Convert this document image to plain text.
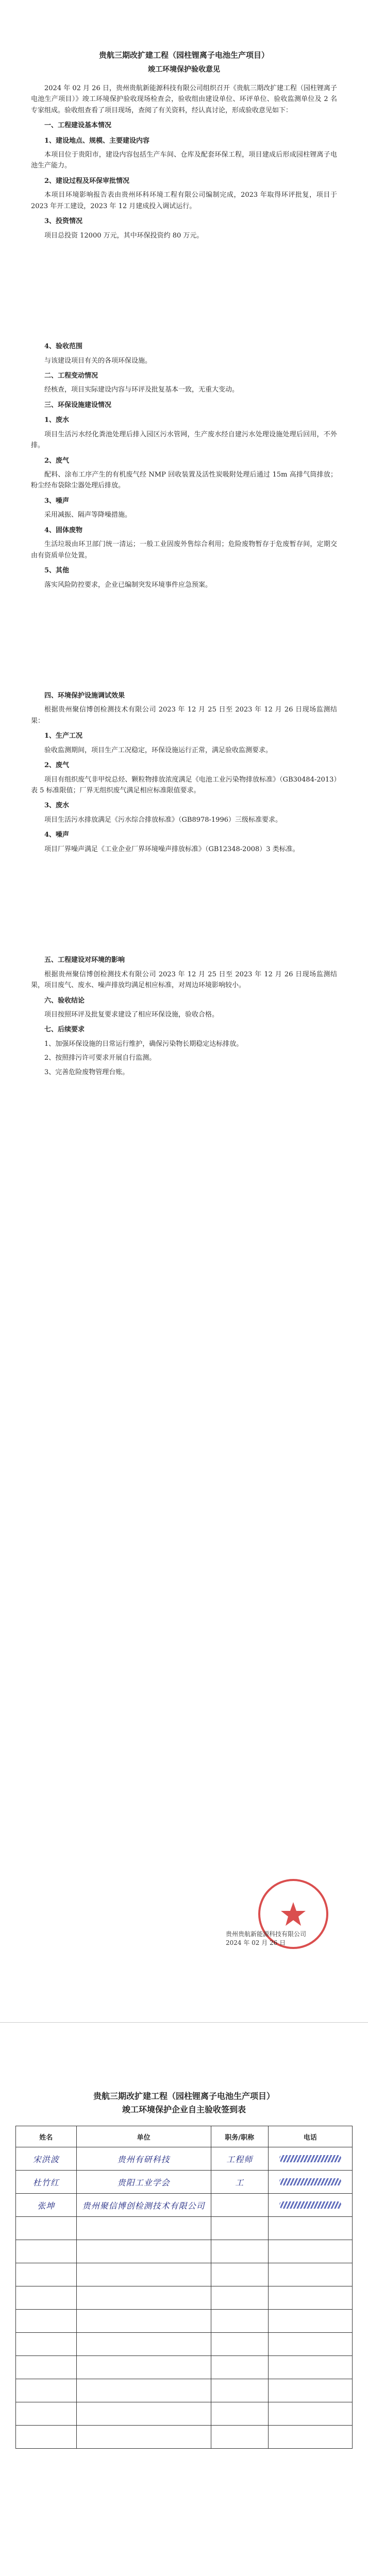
贵航三期改扩建工程（园柱锂离子电池生产项目）
竣工环境保护验收意见

2024 年 02 月 26 日，贵州贵航新能源科技有限公司组织召开《贵航三期改扩建工程（园柱锂离子电池生产项目）》竣工环境保护验收现场检查会，验收组由建设单位、环评单位、验收监测单位及 2 名专家组成。验收组查看了项目现场，查阅了有关资料，经认真讨论，形成验收意见如下：

一、工程建设基本情况
1、建设地点、规模、主要建设内容

本项目位于贵阳市，建设内容包括生产车间、仓库及配套环保工程，项目建成后形成园柱锂离子电池生产能力。

2、建设过程及环保审批情况

本项目环境影响报告表由贵州环科环境工程有限公司编制完成，2023 年取得环评批复，项目于 2023 年开工建设，2023 年 12 月建成投入调试运行。

3、投资情况

项目总投资 12000 万元，其中环保投资约 80 万元。

4、验收范围

与该建设项目有关的各项环保设施。

二、工程变动情况

经核查，项目实际建设内容与环评及批复基本一致，无重大变动。

三、环保设施建设情况
1、废水

项目生活污水经化粪池处理后排入园区污水管网，生产废水经自建污水处理设施处理后回用，不外排。

2、废气

配料、涂布工序产生的有机废气经 NMP 回收装置及活性炭吸附处理后通过 15m 高排气筒排放；粉尘经布袋除尘器处理后排放。

3、噪声

采用减振、隔声等降噪措施。

4、固体废物

生活垃圾由环卫部门统一清运；一般工业固废外售综合利用；危险废物暂存于危废暂存间，定期交由有资质单位处置。

5、其他

落实风险防控要求，企业已编制突发环境事件应急预案。

四、环境保护设施调试效果

根据贵州聚信博创检测技术有限公司 2023 年 12 月 25 日至 2023 年 12 月 26 日现场监测结果：

1、生产工况

验收监测期间，项目生产工况稳定，环保设施运行正常，满足验收监测要求。

2、废气

项目有组织废气非甲烷总烃、颗粒物排放浓度满足《电池工业污染物排放标准》（GB30484-2013）表 5 标准限值；厂界无组织废气满足相应标准限值要求。

3、废水

项目生活污水排放满足《污水综合排放标准》（GB8978-1996）三级标准要求。

4、噪声

项目厂界噪声满足《工业企业厂界环境噪声排放标准》（GB12348-2008）3 类标准。

五、工程建设对环境的影响

根据贵州聚信博创检测技术有限公司 2023 年 12 月 25 日至 2023 年 12 月 26 日现场监测结果，项目废气、废水、噪声排放均满足相应标准，对周边环境影响较小。

六、验收结论

项目按照环评及批复要求建设了相应环保设施，验收合格。

七、后续要求

1、加强环保设施的日常运行维护，确保污染物长期稳定达标排放。

2、按照排污许可要求开展自行监测。

3、完善危险废物管理台账。

贵州贵航新能源科技有限公司
2024 年 02 月 26 日
贵航三期改扩建工程（园柱锂离子电池生产项目）
竣工环境保护企业自主验收签到表
姓名	单位	职务/职称	电话
宋洪波	贵州有研科技	工程师	
杜竹红	贵阳工业学会	工	
张坤	贵州聚信博创检测技术有限公司		
